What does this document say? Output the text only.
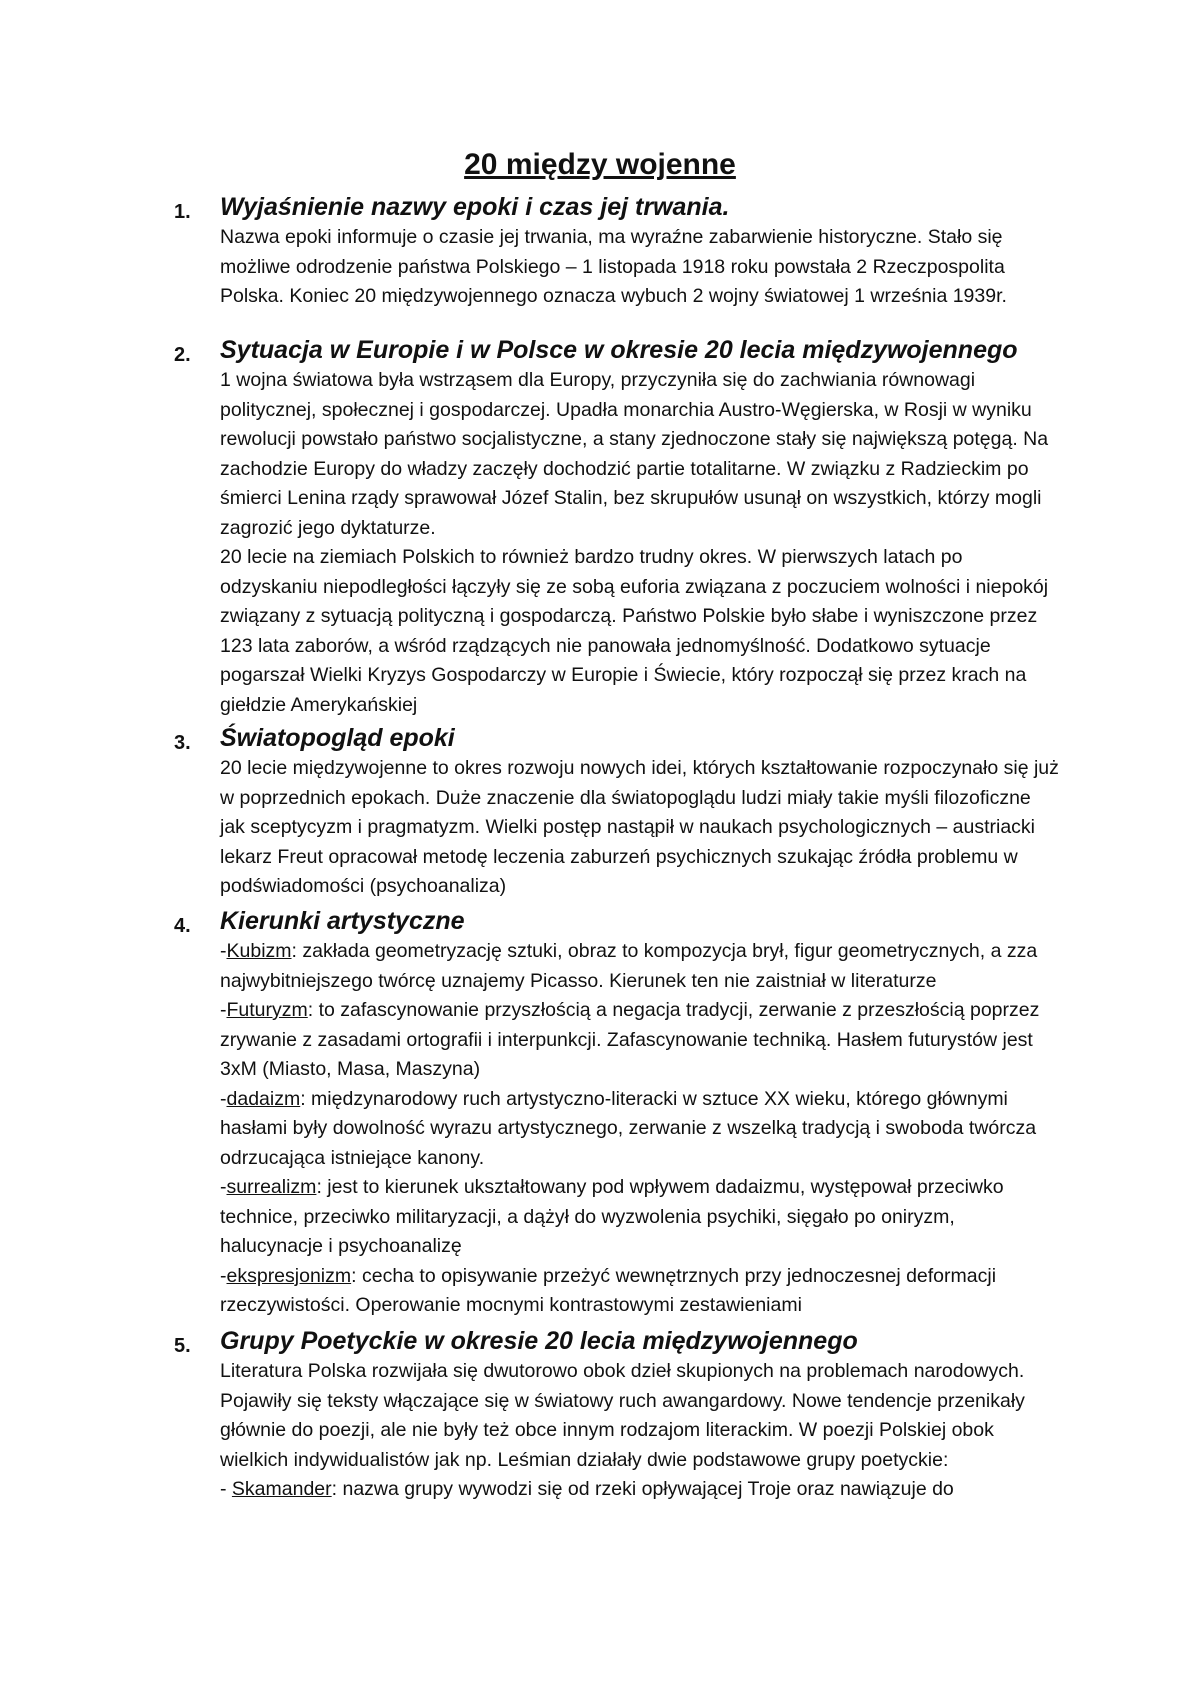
20 między wojenne
1. Wyjaśnienie nazwy epoki i czas jej trwania.

Nazwa epoki informuje o czasie jej trwania, ma wyraźne zabarwienie historyczne. Stało się możliwe odrodzenie państwa Polskiego – 1 listopada 1918 roku powstała 2 Rzeczpospolita Polska. Koniec 20 międzywojennego oznacza wybuch 2 wojny światowej 1 września 1939r.

2. Sytuacja w Europie i w Polsce w okresie 20 lecia międzywojennego

1 wojna światowa była wstrząsem dla Europy, przyczyniła się do zachwiania równowagi politycznej, społecznej i gospodarczej. Upadła monarchia Austro-Węgierska, w Rosji w wyniku rewolucji powstało państwo socjalistyczne, a stany zjednoczone stały się największą potęgą. Na zachodzie Europy do władzy zaczęły dochodzić partie totalitarne. W związku z Radzieckim po śmierci Lenina rządy sprawował Józef Stalin, bez skrupułów usunął on wszystkich, którzy mogli zagrozić jego dyktaturze.

20 lecie na ziemiach Polskich to również bardzo trudny okres. W pierwszych latach po odzyskaniu niepodległości łączyły się ze sobą euforia związana z poczuciem wolności i niepokój związany z sytuacją polityczną i gospodarczą. Państwo Polskie było słabe i wyniszczone przez 123 lata zaborów, a wśród rządzących nie panowała jednomyślność. Dodatkowo sytuacje pogarszał Wielki Kryzys Gospodarczy w Europie i Świecie, który rozpoczął się przez krach na giełdzie Amerykańskiej

3. Światopogląd epoki

20 lecie międzywojenne to okres rozwoju nowych idei, których kształtowanie rozpoczynało się już w poprzednich epokach. Duże znaczenie dla światopoglądu ludzi miały takie myśli filozoficzne jak sceptycyzm i pragmatyzm. Wielki postęp nastąpił w naukach psychologicznych – austriacki lekarz Freut opracował metodę leczenia zaburzeń psychicznych szukając źródła problemu w podświadomości (psychoanaliza)

4. Kierunki artystyczne

-Kubizm: zakłada geometryzację sztuki, obraz to kompozycja brył, figur geometrycznych, a zza najwybitniejszego twórcę uznajemy Picasso. Kierunek ten nie zaistniał w literaturze

-Futuryzm: to zafascynowanie przyszłością a negacja tradycji, zerwanie z przeszłością poprzez zrywanie z zasadami ortografii i interpunkcji. Zafascynowanie techniką. Hasłem futurystów jest 3xM (Miasto, Masa, Maszyna)

-dadaizm: międzynarodowy ruch artystyczno-literacki w sztuce XX wieku, którego głównymi hasłami były dowolność wyrazu artystycznego, zerwanie z wszelką tradycją i swoboda twórcza odrzucająca istniejące kanony.

-surrealizm: jest to kierunek ukształtowany pod wpływem dadaizmu, występował przeciwko technice, przeciwko militaryzacji, a dążył do wyzwolenia psychiki, sięgało po oniryzm, halucynacje i psychoanalizę

-ekspresjonizm: cecha to opisywanie przeżyć wewnętrznych przy jednoczesnej deformacji rzeczywistości. Operowanie mocnymi kontrastowymi zestawieniami

5. Grupy Poetyckie w okresie 20 lecia międzywojennego

Literatura Polska rozwijała się dwutorowo obok dzieł skupionych na problemach narodowych. Pojawiły się teksty włączające się w światowy ruch awangardowy. Nowe tendencje przenikały głównie do poezji, ale nie były też obce innym rodzajom literackim. W poezji Polskiej obok wielkich indywidualistów jak np. Leśmian działały dwie podstawowe grupy poetyckie:

- Skamander: nazwa grupy wywodzi się od rzeki opływającej Troje oraz nawiązuje do
